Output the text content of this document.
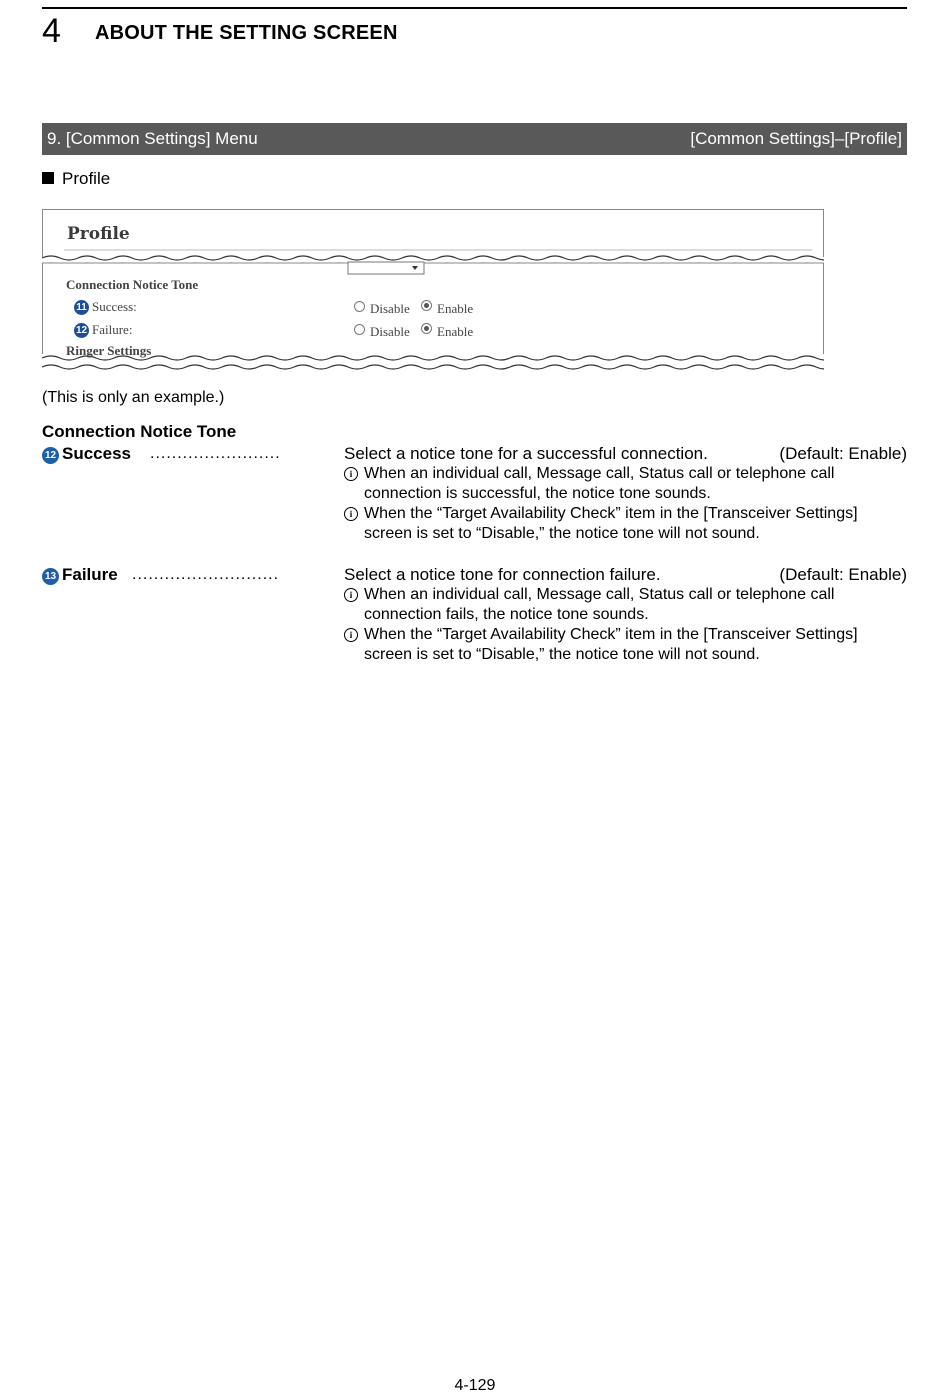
4 ABOUT THE SETTING SCREEN
9. [Common Settings] Menu	[Common Settings]–[Profile]
Profile
Profile
Connection Notice Tone
11 Success:	Disable Enable
12 Failure:	Disable Enable
Ringer Settings
(This is only an example.)
Connection Notice Tone
12 Success ........................	Select a notice tone for a successful connection.	(Default: Enable)
i When an individual call, Message call, Status call or telephone call
connection is successful, the notice tone sounds.
i When the “Target Availability Check” item in the [Transceiver Settings]
screen is set to “Disable,” the notice tone will not sound.
13 Failure ...........................	Select a notice tone for connection failure.	(Default: Enable)
i When an individual call, Message call, Status call or telephone call
connection fails, the notice tone sounds.
i When the “Target Availability Check” item in the [Transceiver Settings]
screen is set to “Disable,” the notice tone will not sound.
4-129
